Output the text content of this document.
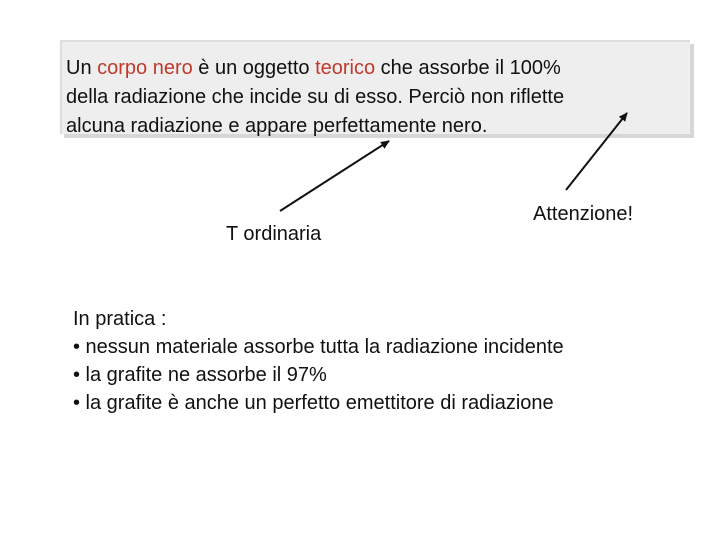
Un corpo nero è un oggetto teorico che assorbe il 100%
della radiazione che incide su di esso. Perciò non riflette
alcuna radiazione e appare perfettamente nero.
T ordinaria
Attenzione!
In pratica :
• nessun materiale assorbe tutta la radiazione incidente
• la grafite ne assorbe il 97%
• la grafite è anche un perfetto emettitore di radiazione
